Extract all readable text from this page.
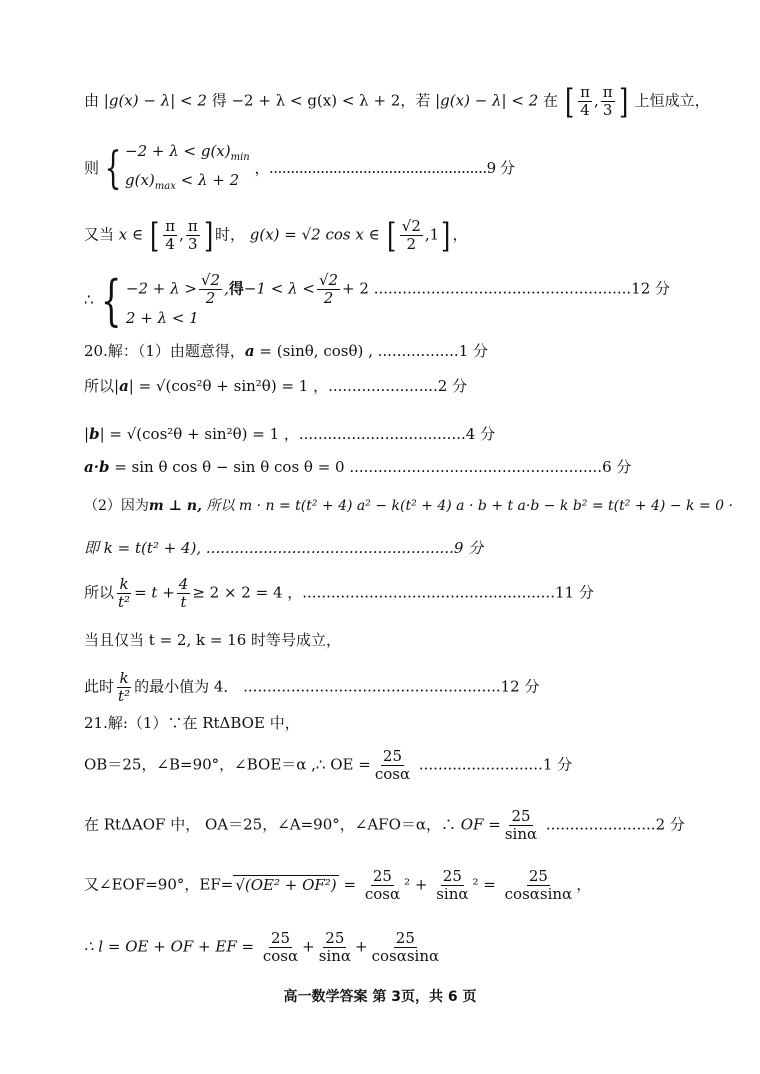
由 |g(x) − λ| < 2 得 −2 + λ < g(x) < λ + 2，若 |g(x) − λ| < 2 在 [ $\frac{\pi}{4}$ , $\frac{\pi}{3}$ ] 上恒成立，
则 { $-2 + \lambda < g(x)_{min}$
$g(x)_{max} < \lambda + 2$
，...................................................9 分
又当 x ∈ [ $\frac{\pi}{4}$ , $\frac{\pi}{3}$ ] 时， g(x) = √2 cos x ∈ [ $\frac{√2}{2} ,1$] ，
∴ { $-2 + \lambda > \frac{√2}{2}$ ,得$-1 < \lambda < \frac{√2}{2} + 2$ ......................................................12 分
2 + λ < 1
20.解：（1）由题意得，a = (sinθ, cosθ) , .................1 分
所以|a| = √(cos²θ + sin²θ) = 1 ，.......................2 分
|b| = √(cos²θ + sin²θ) = 1 ，...................................4 分
a·b = sin θ cos θ − sin θ cos θ = 0 .....................................................6 分
（2）因为m ⊥ n, 所以 m · n = t(t² + 4) a² − k(t² + 4) a · b + t a·b − k b² = t(t² + 4) − k = 0 ·
即 k = t(t² + 4), ....................................................9 分
所以 $\frac{k}{\text{t²}} = t + \frac{4}{t} \ge 2 \times 2 = 4$ ，.....................................................11 分
当且仅当 t = 2, k = 16 时等号成立，
此时 $\frac{k}{\text{t²}}$ 的最小值为 4． ......................................................12 分
21.解:（1）∵在 RtΔBOE 中，
OB＝25，∠B=90°，∠BOE＝α ,∴ OE = $\frac{25}{\cos\alpha} ..........................1$ 分
在 RtΔAOF 中， OA＝25，∠A=90°，∠AFO＝α，∴ OF = $\frac{25}{\sin\alpha} .......................2$ 分
又∠EOF=90°，$EF= √(OE^2 + OF^2) = \frac{25}{\cos\alpha} ^2 + \frac{25}{\sin\alpha} ^2 = \frac{25}{\cos\alpha\sin\alpha}$ ，
∴ l = OE + OF + EF = $\frac{25}{\cos\alpha} + \frac{25}{\sin\alpha} + \frac{25}{\cos\alpha\sin\alpha}$
高一数学答案 第 3页，共 6 页
